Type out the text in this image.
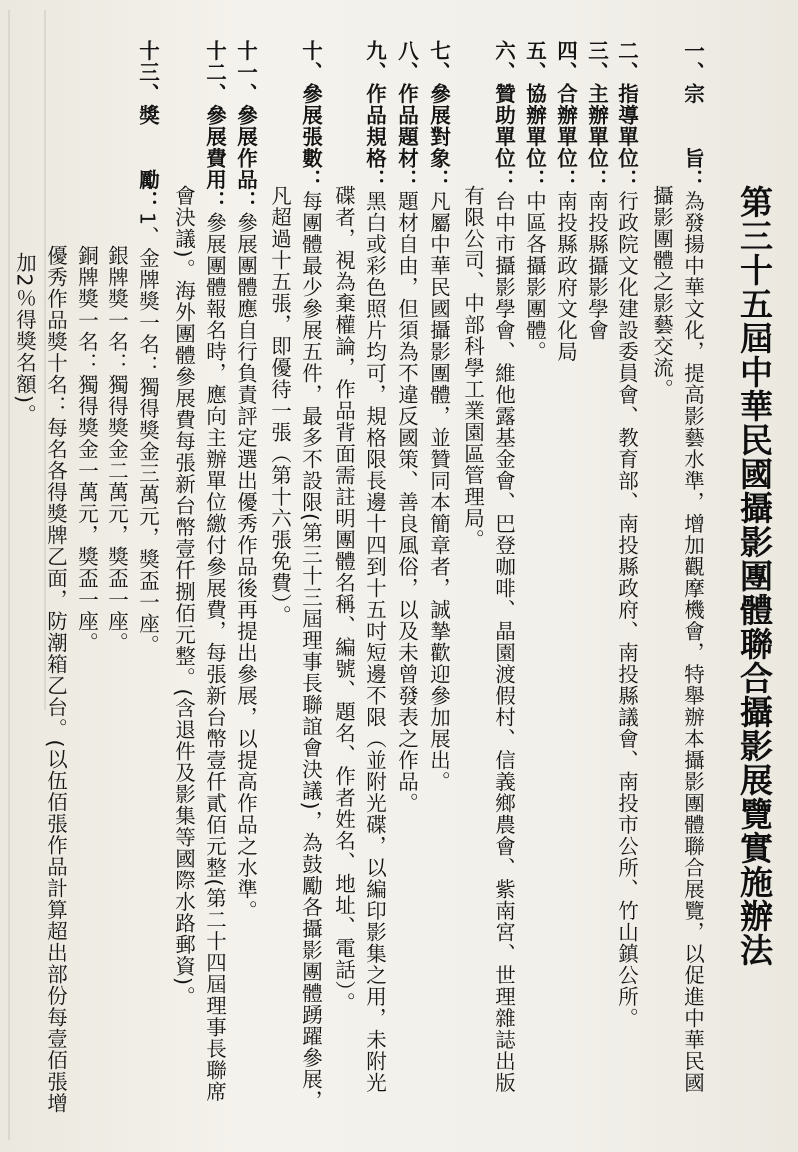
第三十五屆中華民國攝影團體聯合攝影展覽實施辦法
一、宗　　旨：為發揚中華文化，提高影藝水準，增加觀摩機會，特舉辦本攝影團體聯合展覽，以促進中華民國
攝影團體之影藝交流。
二、指導單位：行政院文化建設委員會、教育部、南投縣政府、南投縣議會、南投市公所、竹山鎮公所。
三、主辦單位：南投縣攝影學會
四、合辦單位：南投縣政府文化局
五、協辦單位：中區各攝影團體。
六、贊助單位：台中市攝影學會、維他露基金會、巴登咖啡、晶園渡假村、信義鄉農會、紫南宮、世理雜誌出版
有限公司、中部科學工業園區管理局。
七、參展對象：凡屬中華民國攝影團體，並贊同本簡章者，誠摯歡迎參加展出。
八、作品題材：題材自由，但須為不違反國策、善良風俗，以及未曾發表之作品。
九、作品規格：黑白或彩色照片均可，規格限長邊十四到十五吋短邊不限（並附光碟，以編印影集之用，未附光
碟者，視為棄權論，作品背面需註明團體名稱、編號、題名、作者姓名、地址、電話）。
十、參展張數：每團體最少參展五件，最多不設限(第三十三屆理事長聯誼會決議)，為鼓勵各攝影團體踴躍參展，
凡超過十五張，即優待一張（第十六張免費）。
十一、參展作品：參展團體應自行負責評定選出優秀作品後再提出參展，以提高作品之水準。
十二、參展費用：參展團體報名時，應向主辦單位繳付參展費，每張新台幣壹仟貳佰元整(第二十四屆理事長聯席
會決議)。海外團體參展費每張新台幣壹仟捌佰元整。(含退件及影集等國際水路郵資)。
十三、獎　　勵：1、金牌獎一名：獨得獎金三萬元，獎盃一座。
銀牌獎一名：獨得獎金二萬元，獎盃一座。
銅牌獎一名：獨得獎金一萬元，獎盃一座。
優秀作品獎十名：每名各得獎牌乙面，防潮箱乙台。(以伍佰張作品計算超出部份每壹佰張增
加2％得獎名額)。
